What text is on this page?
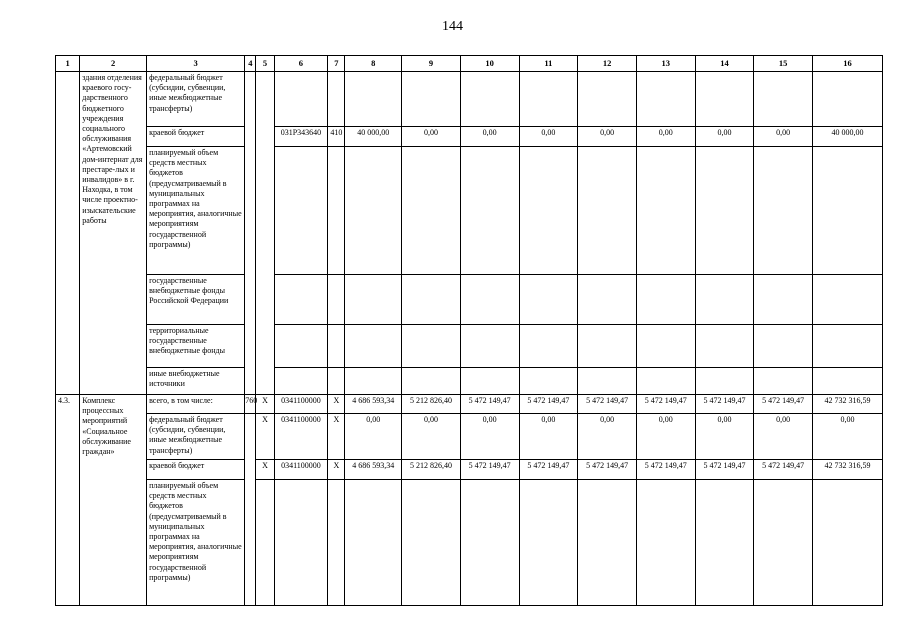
144
1	2	3	4	5	6	7	8	9	10	11	12	13	14	15	16
	здания отделения краевого госу-дарственного бюджетного учреждения социального обслуживания «Артемовский дом-интернат для престаре-лых и инвалидов» в г. Находка, в том числе проектно-изыскательские работы	федеральный бюджет (субсидии, субвенции, иные межбюджетные трансферты)													
		краевой бюджет			031P343640	410	40 000,00	0,00	0,00	0,00	0,00	0,00	0,00	0,00	40 000,00
		планируемый объем средств местных бюджетов (предусматриваемый в муниципальных программах на мероприятия, аналогичные мероприятиям государственной программы)													
		государственные внебюджетные фонды Российской Федерации													
		территориальные государственные внебюджетные фонды													
		иные внебюджетные источники													
4.3.	Комплекс процессных мероприятий «Социальное обслуживание граждан»	всего, в том числе:	760	X	0341100000	X	4 686 593,34	5 212 826,40	5 472 149,47	5 472 149,47	5 472 149,47	5 472 149,47	5 472 149,47	5 472 149,47	42 732 316,59
		федеральный бюджет (субсидии, субвенции, иные межбюджетные трансферты)		X	0341100000	X	0,00	0,00	0,00	0,00	0,00	0,00	0,00	0,00	0,00
		краевой бюджет		X	0341100000	X	4 686 593,34	5 212 826,40	5 472 149,47	5 472 149,47	5 472 149,47	5 472 149,47	5 472 149,47	5 472 149,47	42 732 316,59
		планируемый объем средств местных бюджетов (предусматриваемый в муниципальных программах на мероприятия, аналогичные мероприятиям государственной программы)													
